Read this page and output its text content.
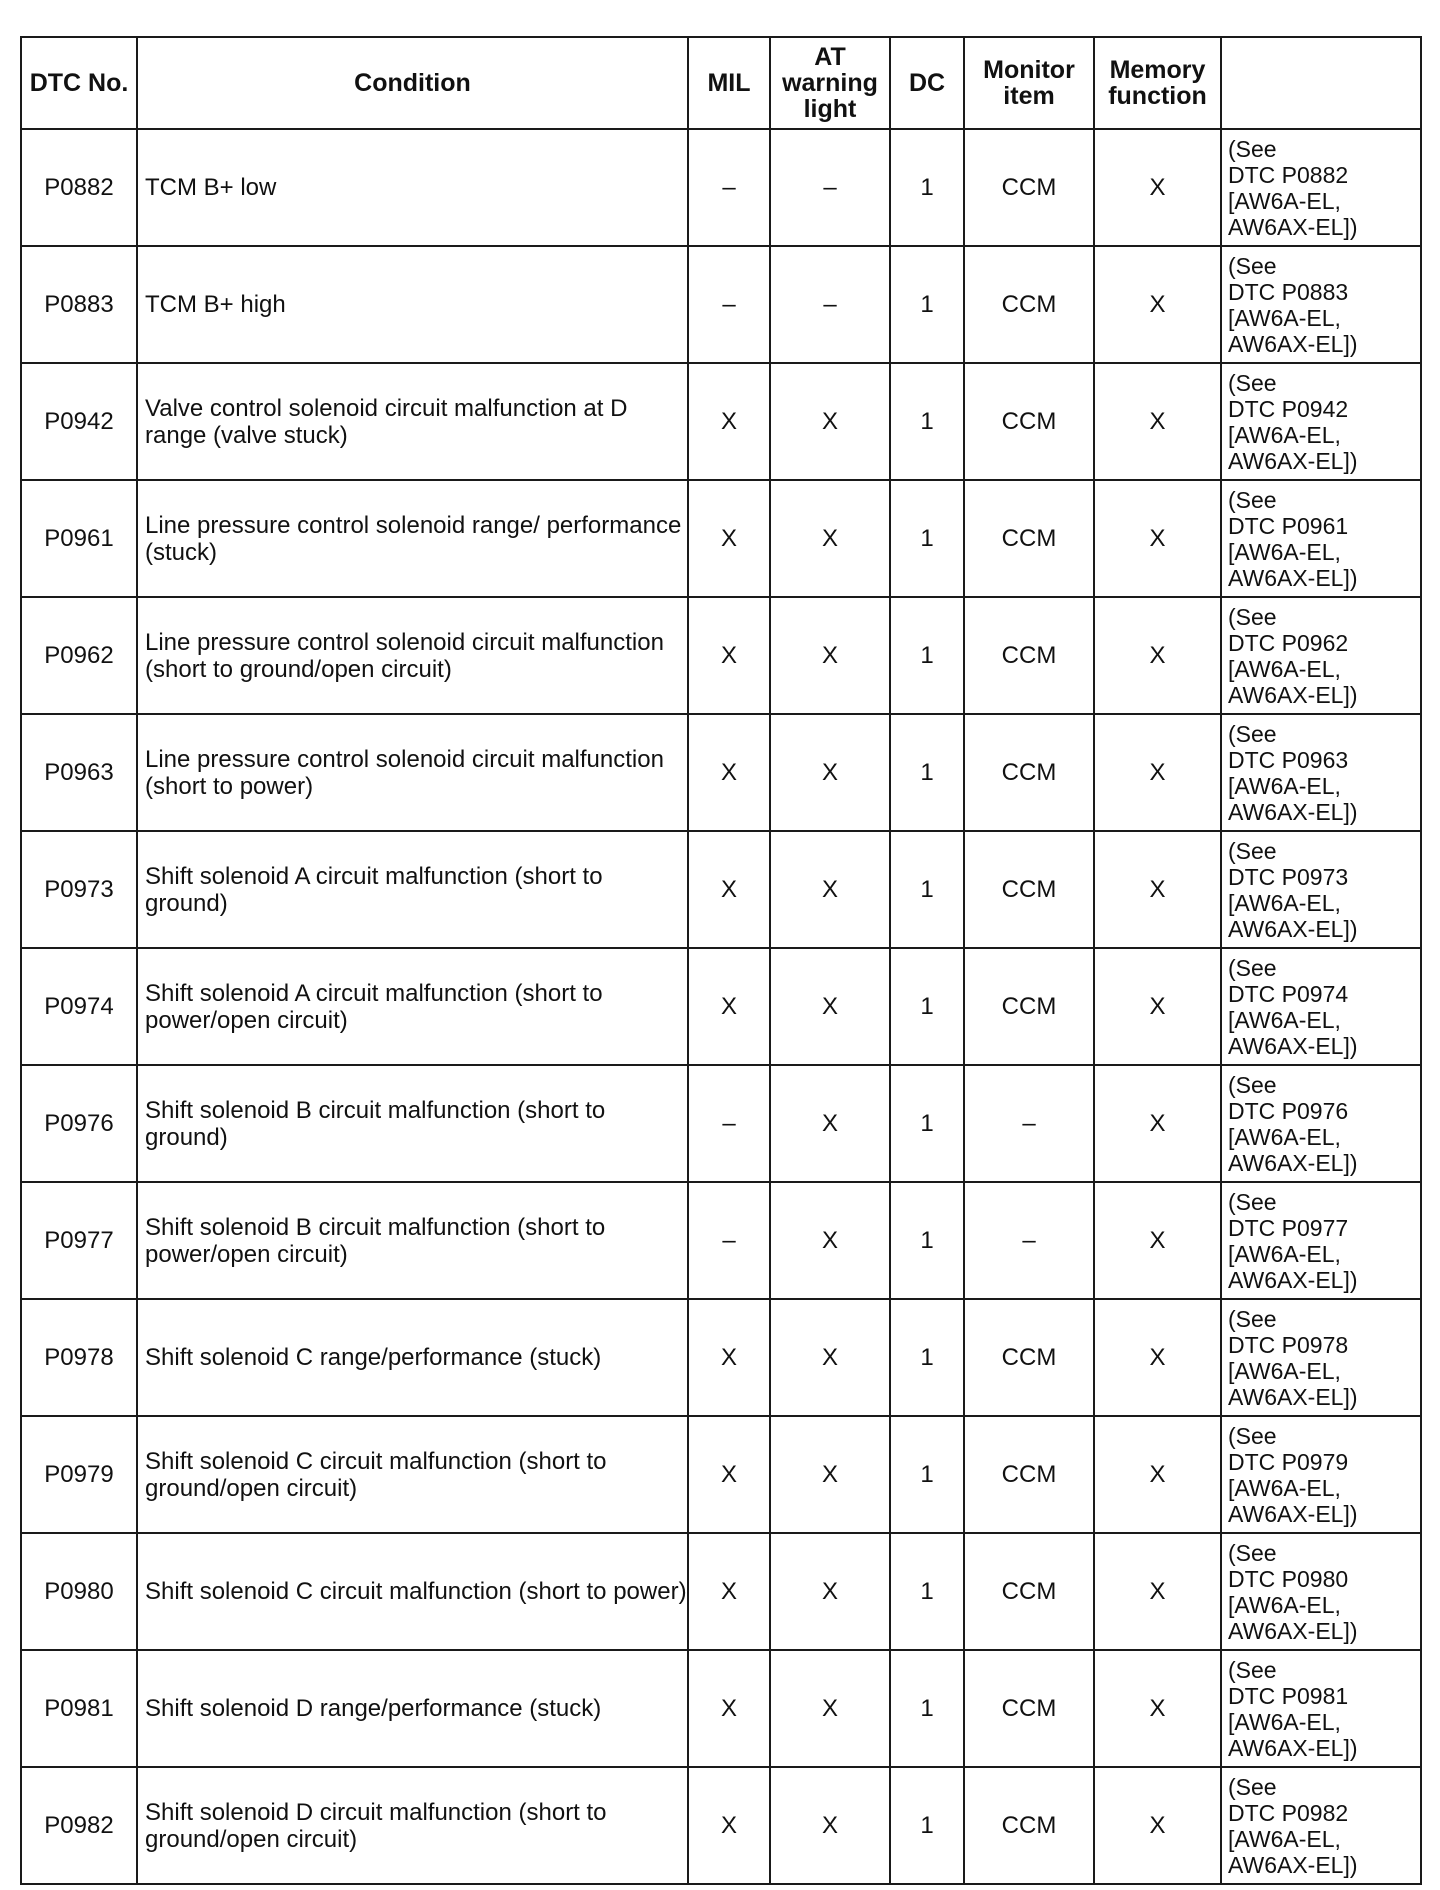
DTC No.	Condition	MIL	AT warning light	DC	Monitor item	Memory function	
P0882	TCM B+ low	–	–	1	CCM	X	(See
DTC P0882
[AW6A-EL,
AW6AX-EL])

P0883	TCM B+ high	–	–	1	CCM	X	(See
DTC P0883
[AW6A-EL,
AW6AX-EL])

P0942	Valve control solenoid circuit malfunction at D range (valve stuck)	X	X	1	CCM	X	(See
DTC P0942
[AW6A-EL,
AW6AX-EL])

P0961	Line pressure control solenoid range/ performance (stuck)	X	X	1	CCM	X	(See
DTC P0961
[AW6A-EL,
AW6AX-EL])

P0962	Line pressure control solenoid circuit malfunction (short to ground/open circuit)	X	X	1	CCM	X	(See
DTC P0962
[AW6A-EL,
AW6AX-EL])

P0963	Line pressure control solenoid circuit malfunction (short to power)	X	X	1	CCM	X	(See
DTC P0963
[AW6A-EL,
AW6AX-EL])

P0973	Shift solenoid A circuit malfunction (short to ground)	X	X	1	CCM	X	(See
DTC P0973
[AW6A-EL,
AW6AX-EL])

P0974	Shift solenoid A circuit malfunction (short to power/open circuit)	X	X	1	CCM	X	(See
DTC P0974
[AW6A-EL,
AW6AX-EL])

P0976	Shift solenoid B circuit malfunction (short to ground)	–	X	1	–	X	(See
DTC P0976
[AW6A-EL,
AW6AX-EL])

P0977	Shift solenoid B circuit malfunction (short to power/open circuit)	–	X	1	–	X	(See
DTC P0977
[AW6A-EL,
AW6AX-EL])

P0978	Shift solenoid C range/performance (stuck)	X	X	1	CCM	X	(See
DTC P0978
[AW6A-EL,
AW6AX-EL])

P0979	Shift solenoid C circuit malfunction (short to ground/open circuit)	X	X	1	CCM	X	(See
DTC P0979
[AW6A-EL,
AW6AX-EL])

P0980	Shift solenoid C circuit malfunction (short to power)	X	X	1	CCM	X	(See
DTC P0980
[AW6A-EL,
AW6AX-EL])

P0981	Shift solenoid D range/performance (stuck)	X	X	1	CCM	X	(See
DTC P0981
[AW6A-EL,
AW6AX-EL])

P0982	Shift solenoid D circuit malfunction (short to ground/open circuit)	X	X	1	CCM	X	(See
DTC P0982
[AW6A-EL,
AW6AX-EL])
